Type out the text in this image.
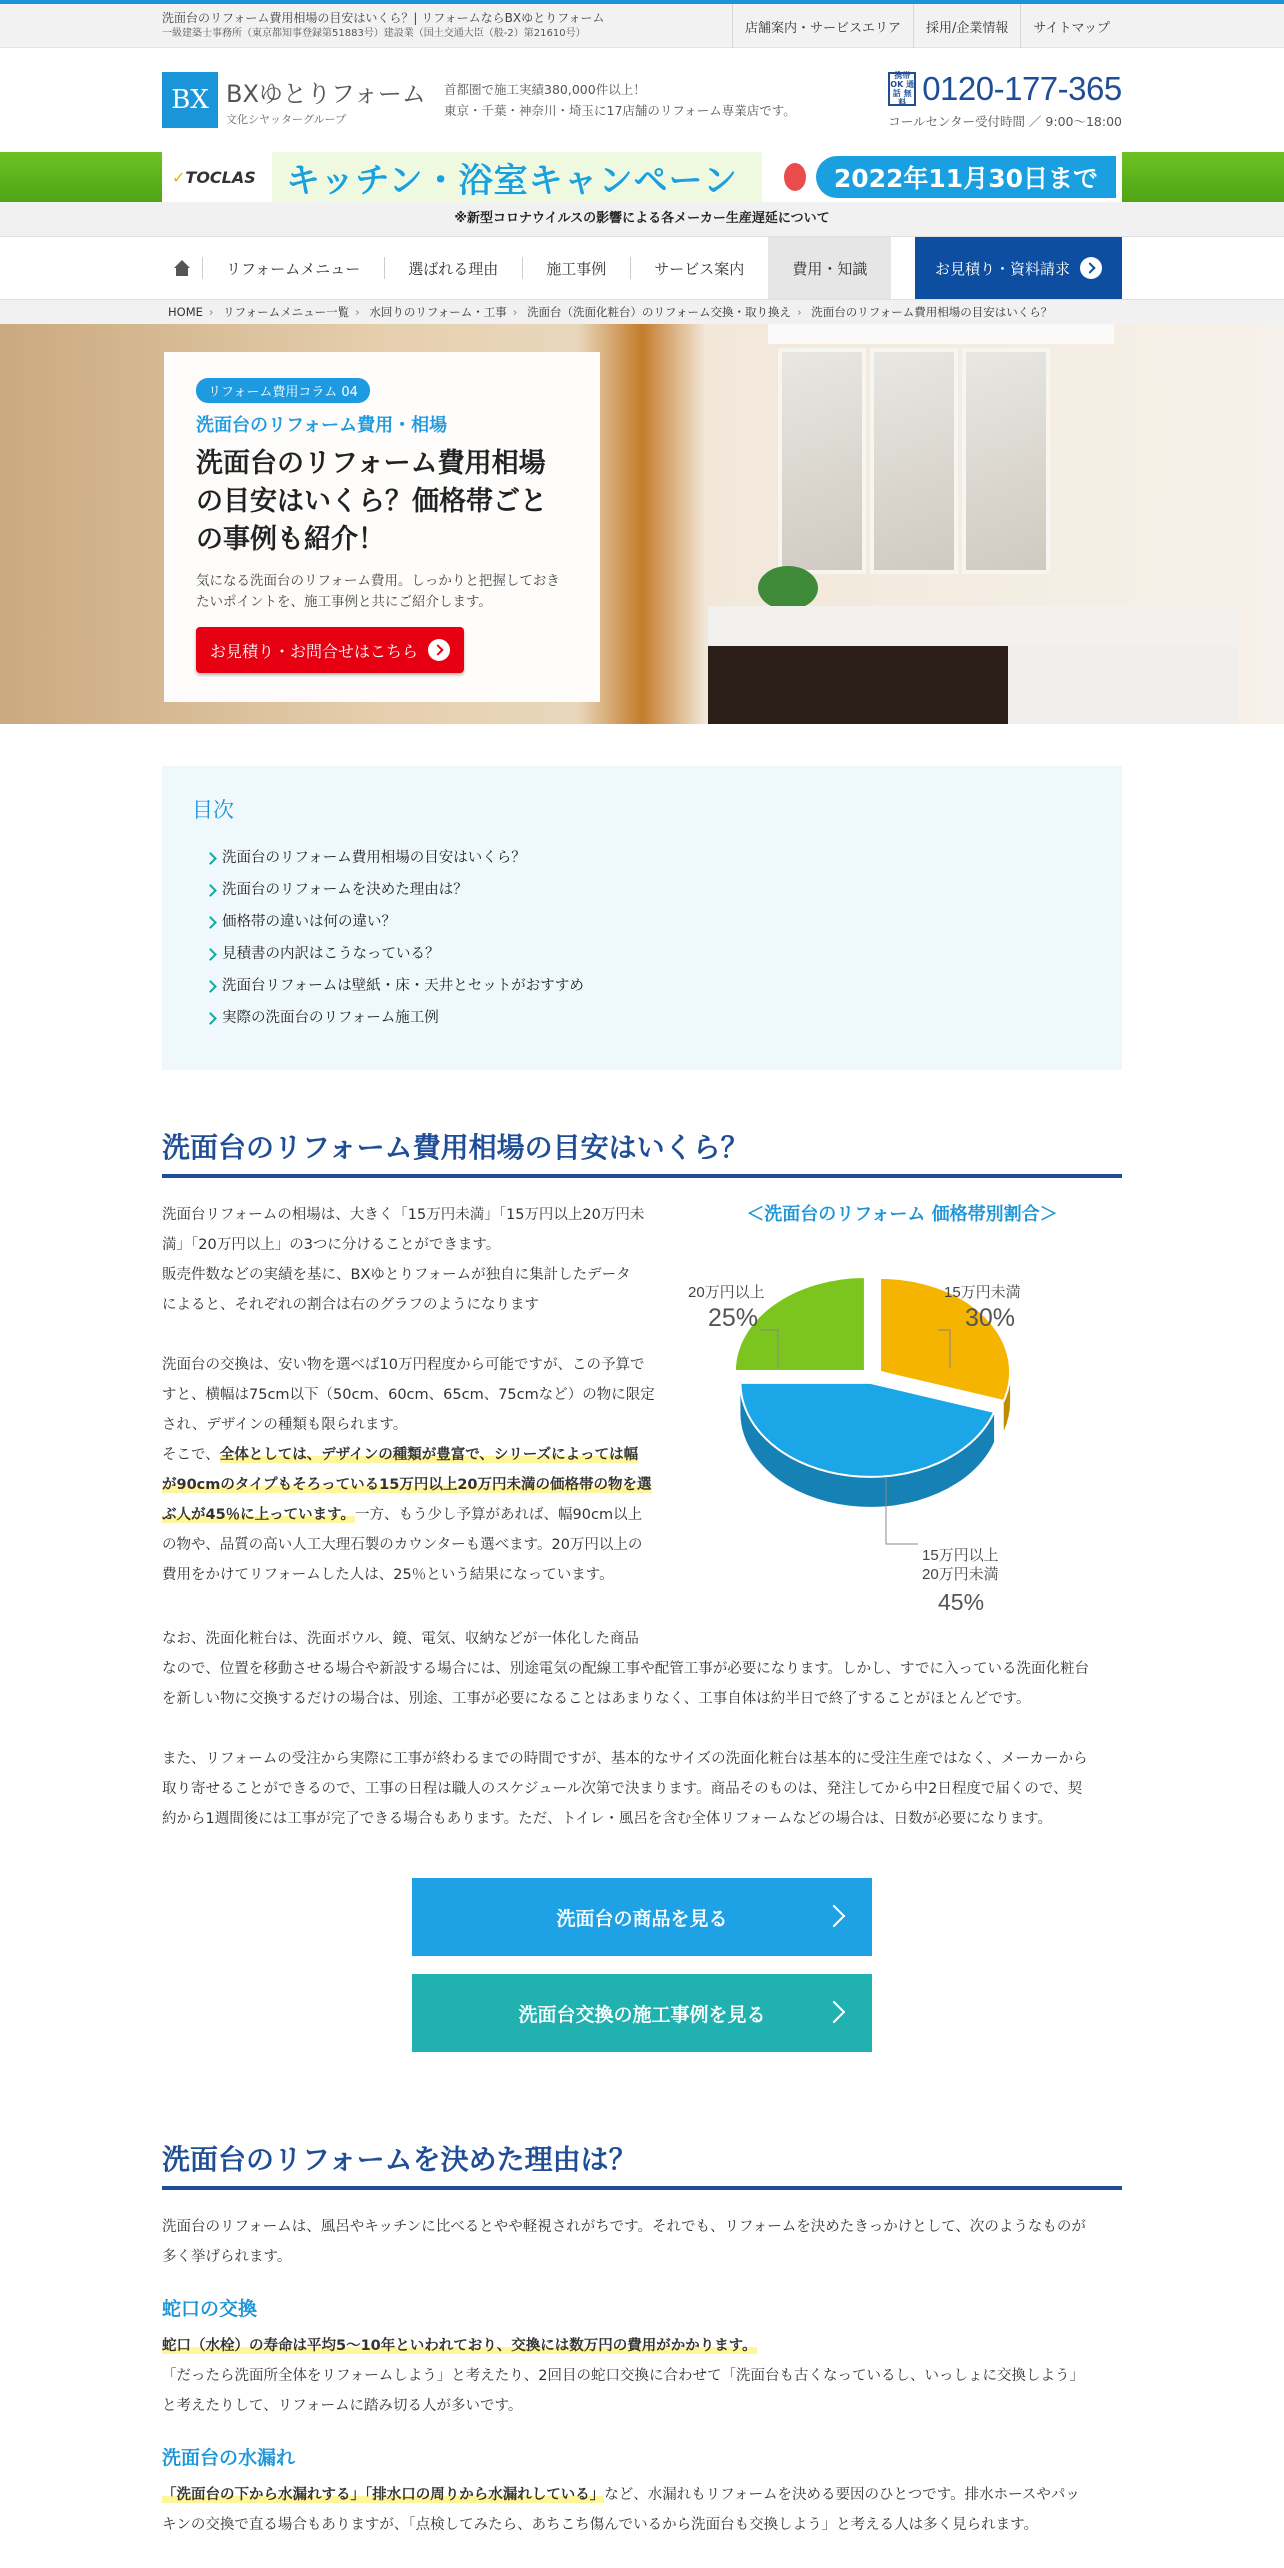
洗面台のリフォーム費用相場の目安はいくら？| リフォームならBXゆとりフォーム
一級建築士事務所（東京都知事登録第51883号）建設業（国土交通大臣（般-2）第21610号）	店舗案内・サービスエリア	採用/企業情報	サイトマップ
BX BXゆとりフォーム
文化シヤッターグループ
首都圏で施工実績380,000件以上！
東京・千葉・神奈川・埼玉に17店舗のリフォーム専業店です。
携帯OK 通話 無料 0120-177-365
コールセンター受付時間 ／ 9:00～18:00
✓TOCLAS キッチン・浴室キャンペーン	2022年11月30日まで
※新型コロナウイルスの影響による各メーカー生産遅延について
リフォームメニュー	選ばれる理由	施工事例	サービス案内	費用・知識	お見積り・資料請求
HOME › リフォームメニュー一覧 › 水回りのリフォーム・工事 › 洗面台（洗面化粧台）のリフォーム交換・取り換え › 洗面台のリフォーム費用相場の目安はいくら？
リフォーム費用コラム 04
洗面台のリフォーム費用・相場
洗面台のリフォーム費用相場の目安はいくら？価格帯ごとの事例も紹介！
気になる洗面台のリフォーム費用。しっかりと把握しておきたいポイントを、施工事例と共にご紹介します。
お見積り・お問合せはこちら
目次
洗面台のリフォーム費用相場の目安はいくら？
洗面台のリフォームを決めた理由は？
価格帯の違いは何の違い？
見積書の内訳はこうなっている？
洗面台リフォームは壁紙・床・天井とセットがおすすめ
実際の洗面台のリフォーム施工例
洗面台のリフォーム費用相場の目安はいくら？
洗面台リフォームの相場は、大きく「15万円未満」「15万円以上20万円未
満」「20万円以上」の3つに分けることができます。
販売件数などの実績を基に、BXゆとりフォームが独自に集計したデータ
によると、それぞれの割合は右のグラフのようになります
洗面台の交換は、安い物を選べば10万円程度から可能ですが、この予算で
すと、横幅は75cm以下（50cm、60cm、65cm、75cmなど）の物に限定
され、デザインの種類も限られます。
そこで、全体としては、デザインの種類が豊富で、シリーズによっては幅
が90cmのタイプもそろっている15万円以上20万円未満の価格帯の物を選
ぶ人が45％に上っています。一方、もう少し予算があれば、幅90cm以上
の物や、品質の高い人工大理石製のカウンターも選べます。20万円以上の
費用をかけてリフォームした人は、25％という結果になっています。
＜洗面台のリフォーム 価格帯別割合＞
15万円未満
30%
20万円以上
25%
15万円以上
20万円未満
45%
なお、洗面化粧台は、洗面ボウル、鏡、電気、収納などが一体化した商品
なので、位置を移動させる場合や新設する場合には、別途電気の配線工事や配管工事が必要になります。しかし、すでに入っている洗面化粧台
を新しい物に交換するだけの場合は、別途、工事が必要になることはあまりなく、工事自体は約半日で終了することがほとんどです。
また、リフォームの受注から実際に工事が終わるまでの時間ですが、基本的なサイズの洗面化粧台は基本的に受注生産ではなく、メーカーから
取り寄せることができるので、工事の日程は職人のスケジュール次第で決まります。商品そのものは、発注してから中2日程度で届くので、契
約から1週間後には工事が完了できる場合もあります。ただ、トイレ・風呂を含む全体リフォームなどの場合は、日数が必要になります。
洗面台の商品を見る
洗面台交換の施工事例を見る
洗面台のリフォームを決めた理由は？
洗面台のリフォームは、風呂やキッチンに比べるとやや軽視されがちです。それでも、リフォームを決めたきっかけとして、次のようなものが
多く挙げられます。
蛇口の交換
蛇口（水栓）の寿命は平均5～10年といわれており、交換には数万円の費用がかかります。
「だったら洗面所全体をリフォームしよう」と考えたり、2回目の蛇口交換に合わせて「洗面台も古くなっているし、いっしょに交換しよう」
と考えたりして、リフォームに踏み切る人が多いです。
洗面台の水漏れ
「洗面台の下から水漏れする」「排水口の周りから水漏れしている」など、水漏れもリフォームを決める要因のひとつです。排水ホースやパッ
キンの交換で直る場合もありますが、「点検してみたら、あちこち傷んでいるから洗面台も交換しよう」と考える人は多く見られます。
